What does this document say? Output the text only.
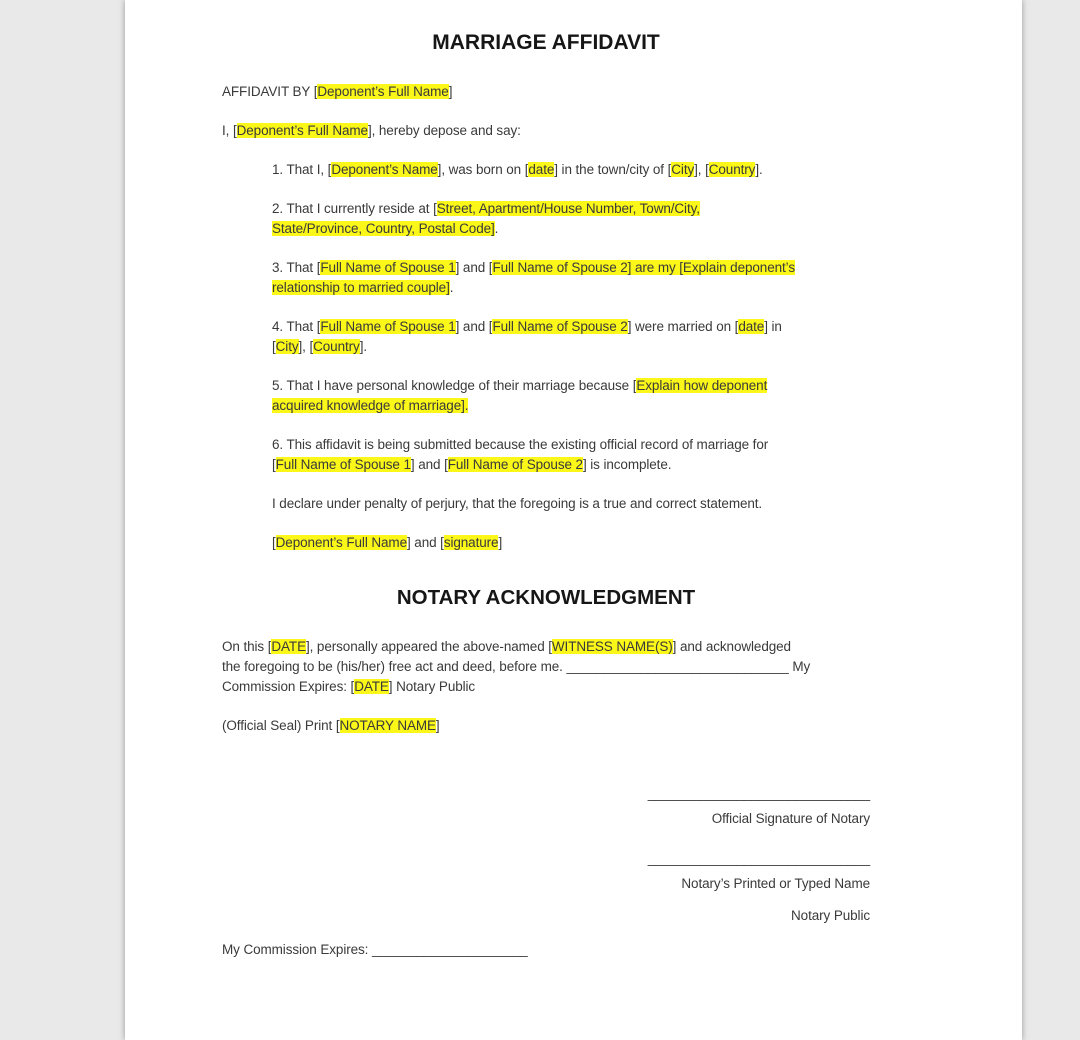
MARRIAGE AFFIDAVIT

AFFIDAVIT BY [Deponent’s Full Name]

I, [Deponent’s Full Name], hereby depose and say:

1. That I, [Deponent’s Name], was born on [date] in the town/city of [City], [Country].

2. That I currently reside at [Street, Apartment/House Number, Town/City,
State/Province, Country, Postal Code].

3. That [Full Name of Spouse 1] and [Full Name of Spouse 2] are my [Explain deponent’s
relationship to married couple].

4. That [Full Name of Spouse 1] and [Full Name of Spouse 2] were married on [date] in
[City], [Country].

5. That I have personal knowledge of their marriage because [Explain how deponent
acquired knowledge of marriage].

6. This affidavit is being submitted because the existing official record of marriage for
[Full Name of Spouse 1] and [Full Name of Spouse 2] is incomplete.

I declare under penalty of perjury, that the foregoing is a true and correct statement.

[Deponent’s Full Name] and [signature]

NOTARY ACKNOWLEDGMENT

On this [DATE], personally appeared the above-named [WITNESS NAME(S)] and acknowledged
the foregoing to be (his/her) free act and deed, before me. ______________________________ My
Commission Expires: [DATE] Notary Public

(Official Seal) Print [NOTARY NAME]

______________________________

Official Signature of Notary

______________________________

Notary’s Printed or Typed Name

Notary Public

My Commission Expires: _____________________
